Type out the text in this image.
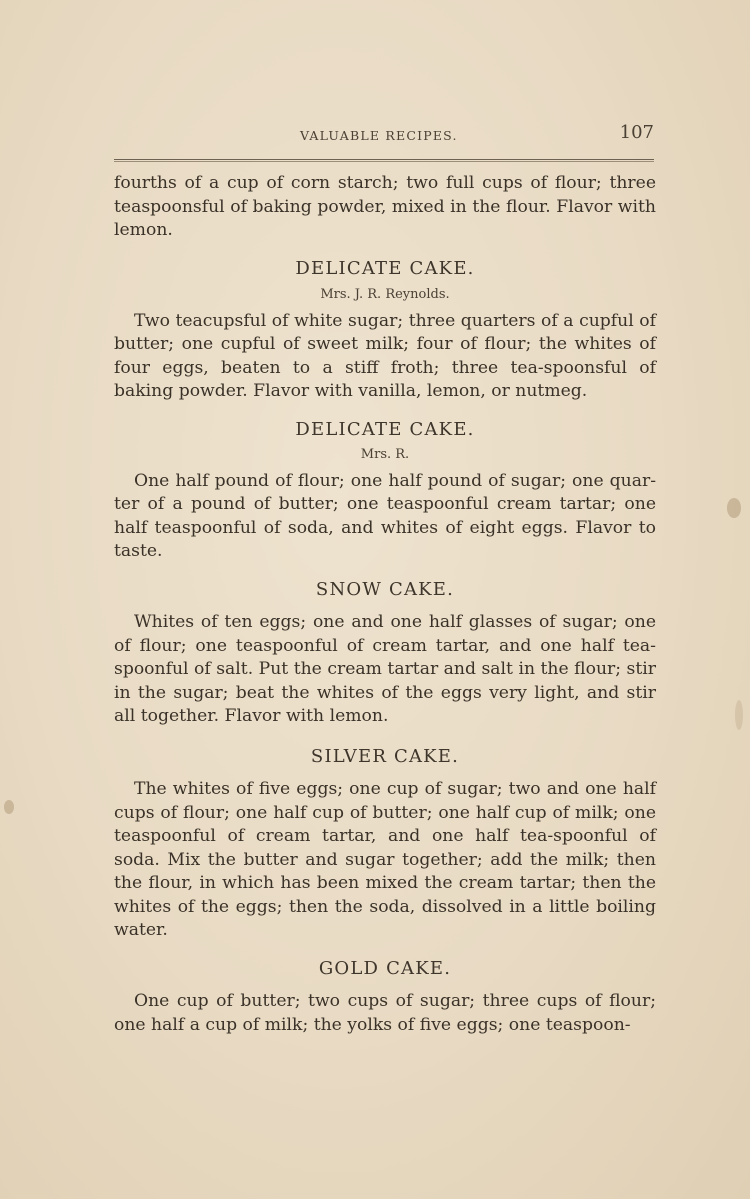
VALUABLE RECIPES.	107

fourths of a cup of corn starch; two full cups of flour; three teaspoonsful of baking powder, mixed in the flour. Flavor with lemon.

DELICATE CAKE.
Mrs. J. R. Reynolds.

Two teacupsful of white sugar; three quarters of a cupful of butter; one cupful of sweet milk; four of flour; the whites of four eggs, beaten to a stiff froth; three tea-spoonsful of baking powder. Flavor with vanilla, lemon, or nutmeg.

DELICATE CAKE.
Mrs. R.

One half pound of flour; one half pound of sugar; one quar-ter of a pound of butter; one teaspoonful cream tartar; one half teaspoonful of soda, and whites of eight eggs. Flavor to taste.

SNOW CAKE.

Whites of ten eggs; one and one half glasses of sugar; one of flour; one teaspoonful of cream tartar, and one half tea-spoonful of salt. Put the cream tartar and salt in the flour; stir in the sugar; beat the whites of the eggs very light, and stir all together. Flavor with lemon.

SILVER CAKE.

The whites of five eggs; one cup of sugar; two and one half cups of flour; one half cup of butter; one half cup of milk; one teaspoonful of cream tartar, and one half tea-spoonful of soda. Mix the butter and sugar together; add the milk; then the flour, in which has been mixed the cream tartar; then the whites of the eggs; then the soda, dissolved in a little boiling water.

GOLD CAKE.

One cup of butter; two cups of sugar; three cups of flour; one half a cup of milk; the yolks of five eggs; one teaspoon-
